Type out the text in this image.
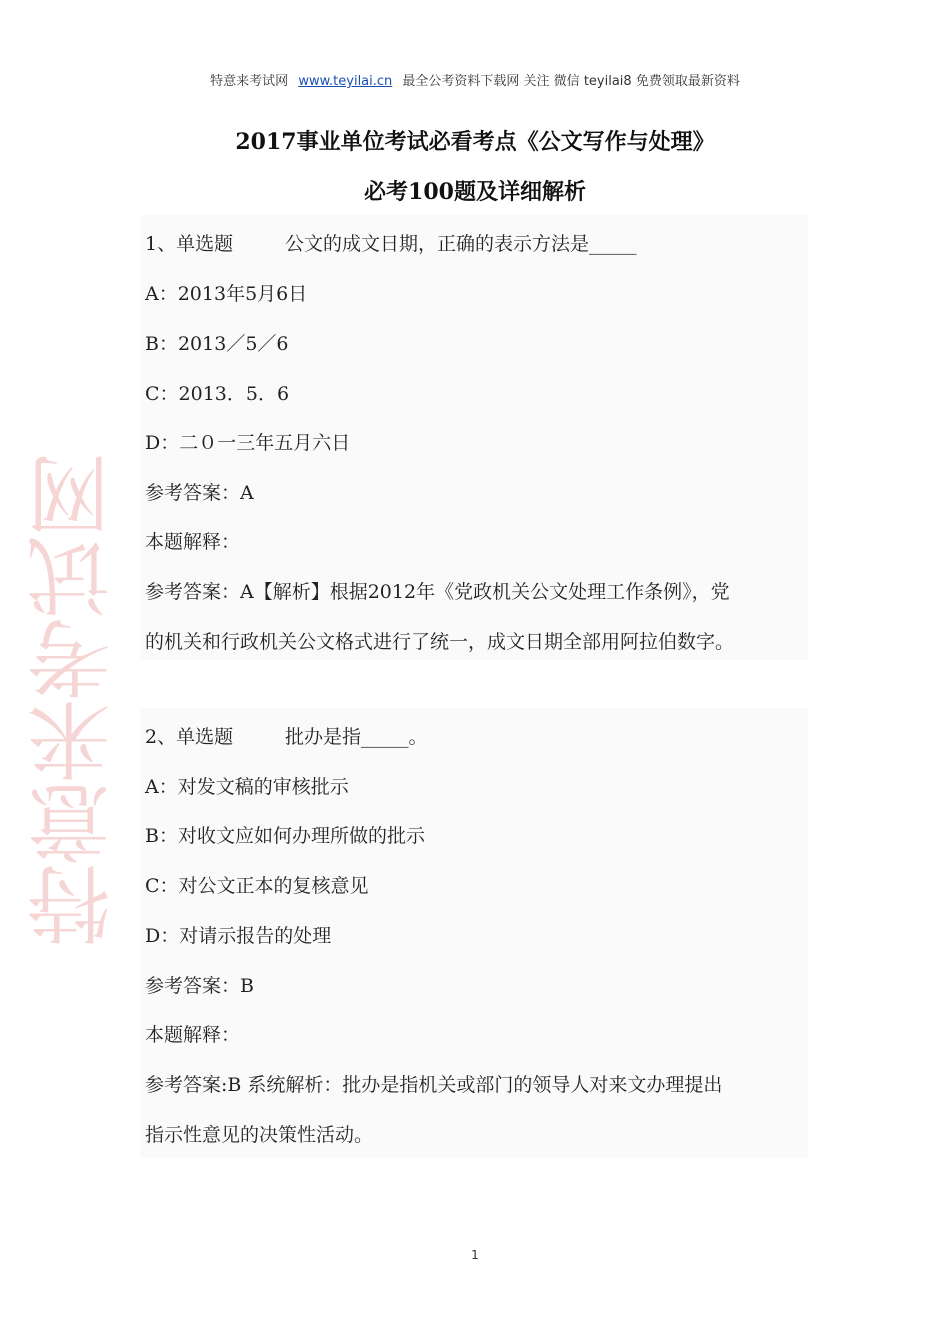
特意来考试网 www.teyilai.cn 最全公考资料下载网 关注 微信 teyilai8 免费领取最新资料
2017事业单位考试必看考点《公文写作与处理》
必考100题及详细解析
特意来考试网
1、单选题	公文的成文日期，正确的表示方法是_____
A：2013年5月6日
B：2013／5／6
C：2013．5．6
D：二０一三年五月六日
参考答案：A
本题解释：
参考答案：A【解析】根据2012年《党政机关公文处理工作条例》，党
的机关和行政机关公文格式进行了统一，成文日期全部用阿拉伯数字。
2、单选题	批办是指_____。
A：对发文稿的审核批示
B：对收文应如何办理所做的批示
C：对公文正本的复核意见
D：对请示报告的处理
参考答案：B
本题解释：
参考答案:B 系统解析：批办是指机关或部门的领导人对来文办理提出
指示性意见的决策性活动。
1
